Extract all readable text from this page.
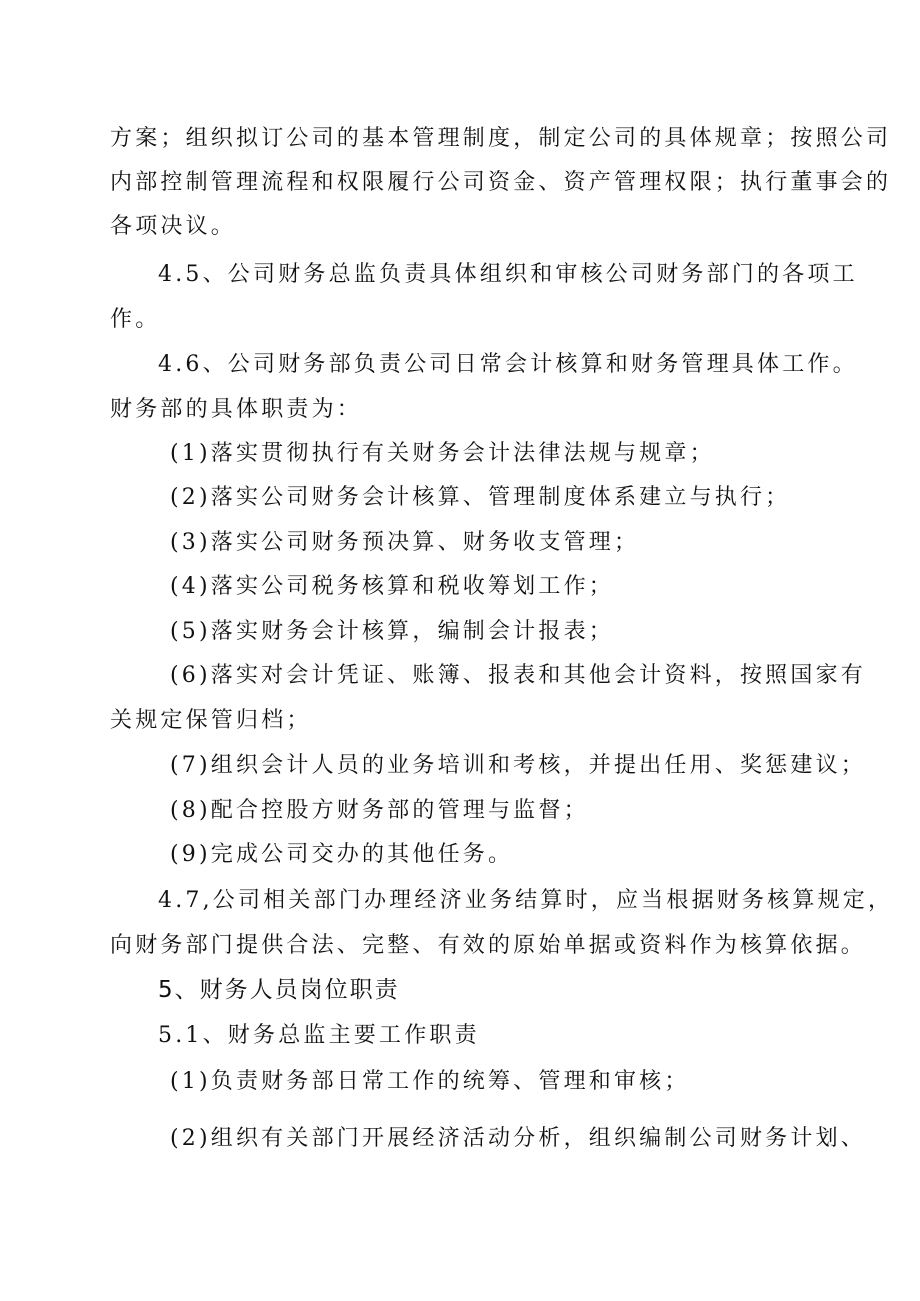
方案；组织拟订公司的基本管理制度，制定公司的具体规章；按照公司
内部控制管理流程和权限履行公司资金、资产管理权限；执行董事会的
各项决议。
4.5、公司财务总监负责具体组织和审核公司财务部门的各项工
作。
4.6、公司财务部负责公司日常会计核算和财务管理具体工作。
财务部的具体职责为：
(1)落实贯彻执行有关财务会计法律法规与规章；
(2)落实公司财务会计核算、管理制度体系建立与执行；
(3)落实公司财务预决算、财务收支管理；
(4)落实公司税务核算和税收筹划工作；
(5)落实财务会计核算，编制会计报表；
(6)落实对会计凭证、账簿、报表和其他会计资料，按照国家有
关规定保管归档；
(7)组织会计人员的业务培训和考核，并提出任用、奖惩建议；
(8)配合控股方财务部的管理与监督；
(9)完成公司交办的其他任务。
4.7,公司相关部门办理经济业务结算时，应当根据财务核算规定，
向财务部门提供合法、完整、有效的原始单据或资料作为核算依据。
5、财务人员岗位职责
5.1、财务总监主要工作职责
(1)负责财务部日常工作的统筹、管理和审核；
(2)组织有关部门开展经济活动分析，组织编制公司财务计划、
